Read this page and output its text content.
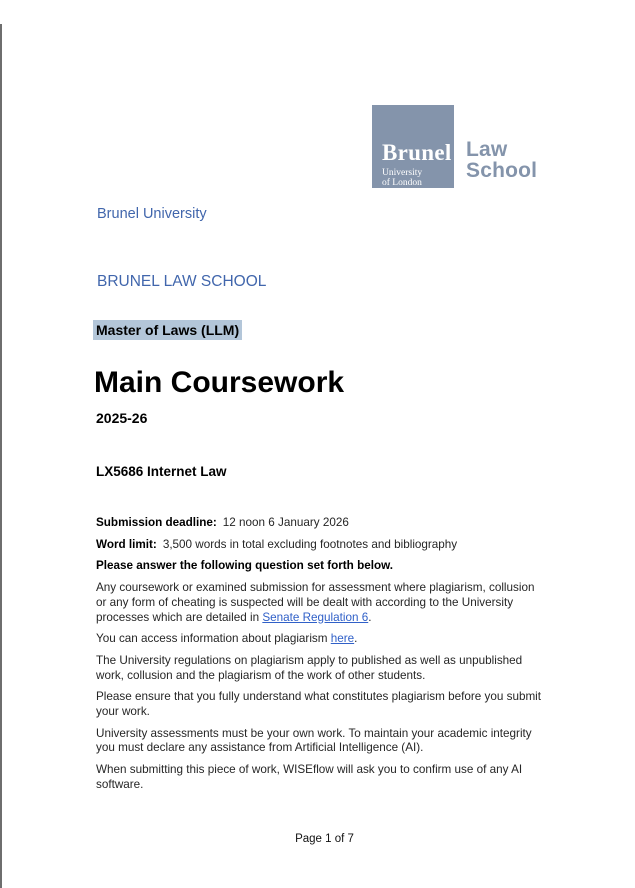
Brunel
University
of London
Law
School
Brunel University
BRUNEL LAW SCHOOL
Master of Laws (LLM)
Main Coursework
2025-26
LX5686 Internet Law

Submission deadline: 12 noon 6 January 2026

Word limit: 3,500 words in total excluding footnotes and bibliography

Please answer the following question set forth below.

Any coursework or examined submission for assessment where plagiarism, collusion or any form of cheating is suspected will be dealt with according to the University processes which are detailed in Senate Regulation 6.

You can access information about plagiarism here.

The University regulations on plagiarism apply to published as well as unpublished work, collusion and the plagiarism of the work of other students.

Please ensure that you fully understand what constitutes plagiarism before you submit your work.

University assessments must be your own work. To maintain your academic integrity you must declare any assistance from Artificial Intelligence (AI).

When submitting this piece of work, WISEflow will ask you to confirm use of any AI software.

Page 1 of 7
